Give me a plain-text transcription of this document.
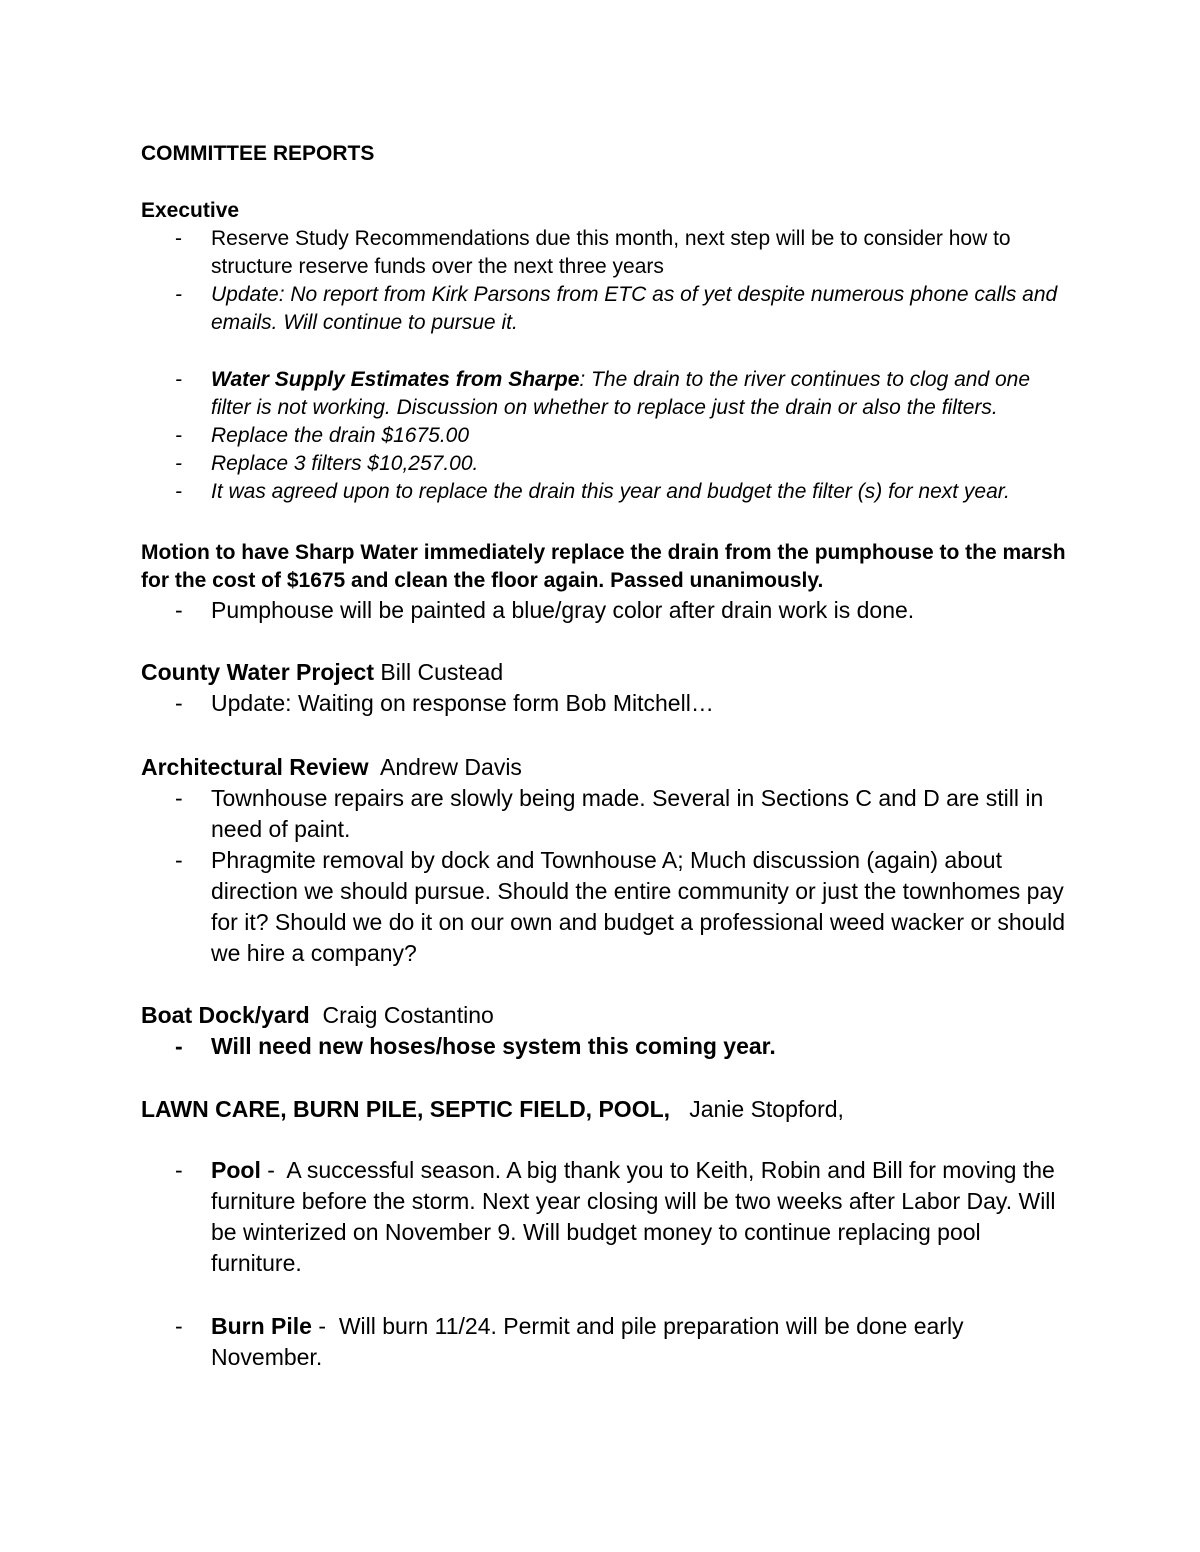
COMMITTEE REPORTS
Executive
- Reserve Study Recommendations due this month, next step will be to consider how to structure reserve funds over the next three years
- Update: No report from Kirk Parsons from ETC as of yet despite numerous phone calls and emails. Will continue to pursue it.
- Water Supply Estimates from Sharpe: The drain to the river continues to clog and one filter is not working. Discussion on whether to replace just the drain or also the filters.
- Replace the drain $1675.00
- Replace 3 filters $10,257.00.
- It was agreed upon to replace the drain this year and budget the filter (s) for next year.
Motion to have Sharp Water immediately replace the drain from the pumphouse to the marsh for the cost of $1675 and clean the floor again. Passed unanimously.
- Pumphouse will be painted a blue/gray color after drain work is done.
County Water Project Bill Custead
- Update: Waiting on response form Bob Mitchell…
Architectural Review Andrew Davis
- Townhouse repairs are slowly being made. Several in Sections C and D are still in need of paint.
- Phragmite removal by dock and Townhouse A; Much discussion (again) about direction we should pursue. Should the entire community or just the townhomes pay for it? Should we do it on our own and budget a professional weed wacker or should we hire a company?
Boat Dock/yard Craig Costantino
- Will need new hoses/hose system this coming year.
LAWN CARE, BURN PILE, SEPTIC FIELD, POOL, Janie Stopford,
- Pool -  A successful season. A big thank you to Keith, Robin and Bill for moving the furniture before the storm. Next year closing will be two weeks after Labor Day. Will be winterized on November 9. Will budget money to continue replacing pool furniture.
- Burn Pile -  Will burn 11/24. Permit and pile preparation will be done early November.
